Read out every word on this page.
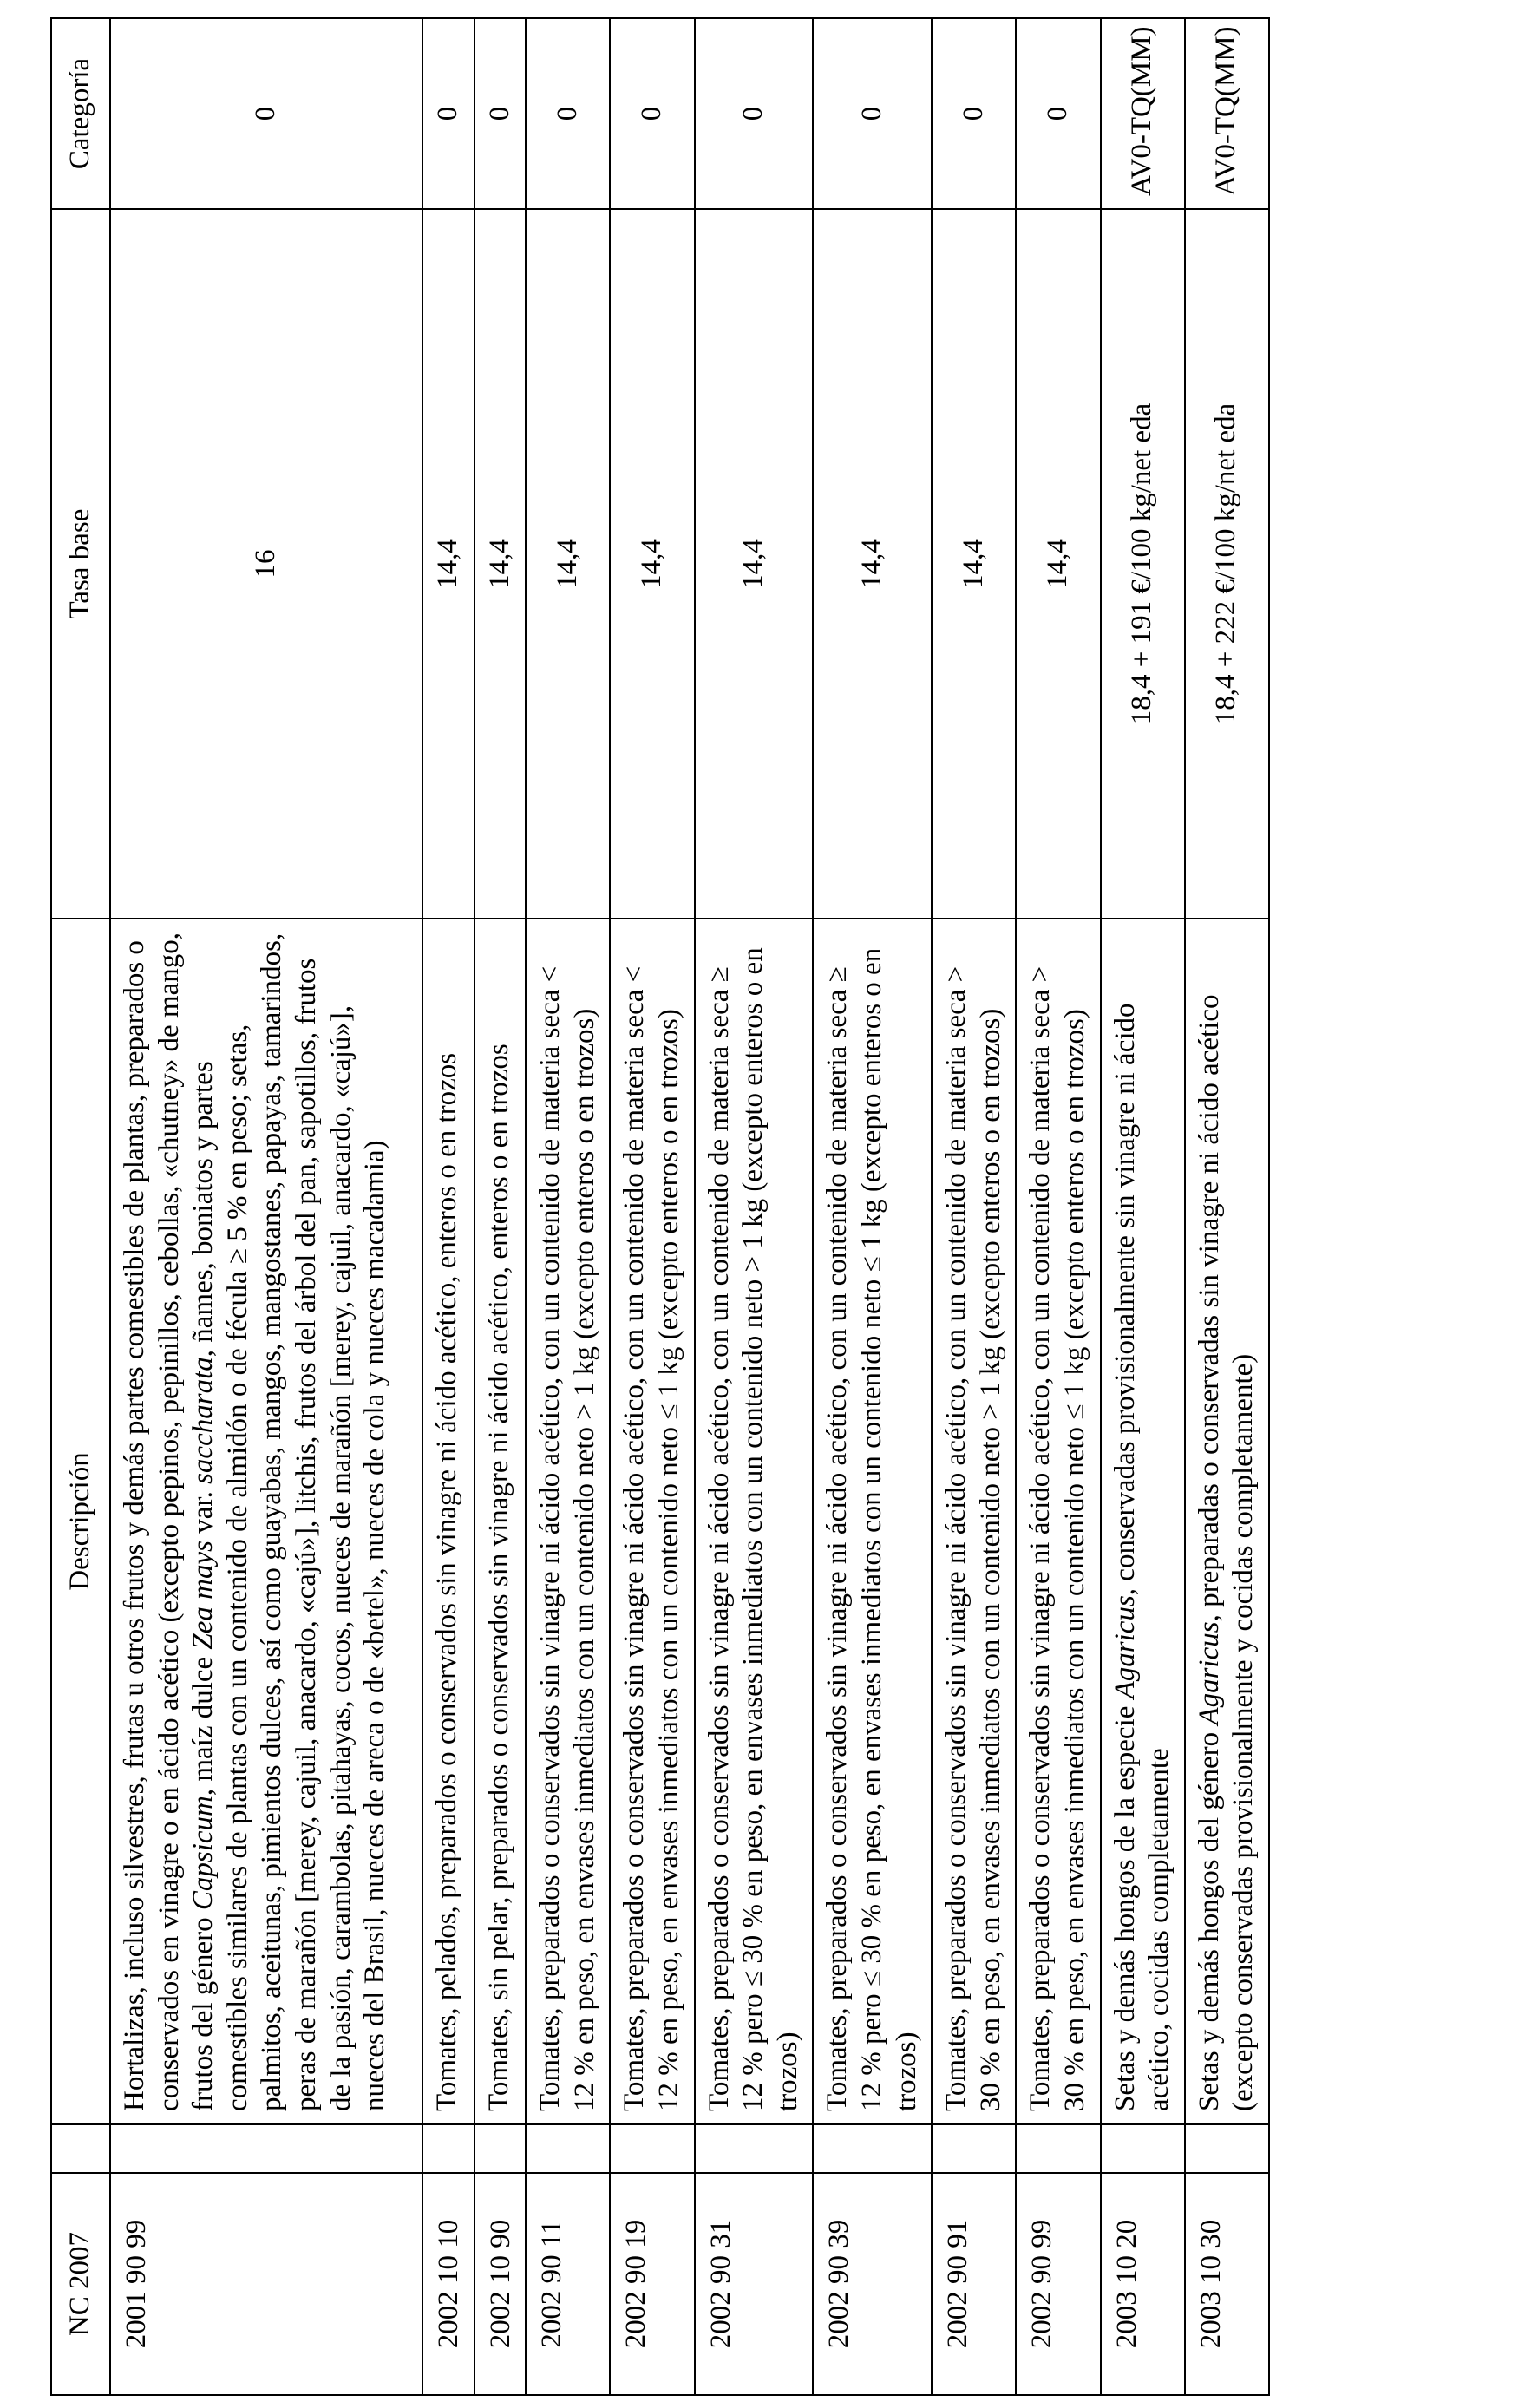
NC 2007		Descripción	Tasa base	Categoría
2001 90 99		Hortalizas, incluso silvestres, frutas u otros frutos y demás partes comestibles de plantas, preparados o conservados en vinagre o en ácido acético (excepto pepinos, pepinillos, cebollas, «chutney» de mango, frutos del género Capsicum, maíz dulce Zea mays var. saccharata, ñames, boniatos y partes comestibles similares de plantas con un contenido de almidón o de fécula ≥ 5 % en peso; setas, palmitos, aceitunas, pimientos dulces, así como guayabas, mangos, mangostanes, papayas, tamarindos, peras de marañón [merey, cajuil, anacardo, «cajú»], litchis, frutos del árbol del pan, sapotillos, frutos de la pasión, carambolas, pitahayas, cocos, nueces de marañón [merey, cajuil, anacardo, «cajú»], nueces del Brasil, nueces de areca o de «betel», nueces de cola y nueces macadamia)	16	0
2002 10 10		Tomates, pelados, preparados o conservados sin vinagre ni ácido acético, enteros o en trozos	14,4	0
2002 10 90		Tomates, sin pelar, preparados o conservados sin vinagre ni ácido acético, enteros o en trozos	14,4	0
2002 90 11		Tomates, preparados o conservados sin vinagre ni ácido acético, con un contenido de materia seca < 12 % en peso, en envases inmediatos con un contenido neto > 1 kg (excepto enteros o en trozos)	14,4	0
2002 90 19		Tomates, preparados o conservados sin vinagre ni ácido acético, con un contenido de materia seca < 12 % en peso, en envases inmediatos con un contenido neto ≤ 1 kg (excepto enteros o en trozos)	14,4	0
2002 90 31		Tomates, preparados o conservados sin vinagre ni ácido acético, con un contenido de materia seca ≥ 12 % pero ≤ 30 % en peso, en envases inmediatos con un contenido neto > 1 kg (excepto enteros o en trozos)	14,4	0
2002 90 39		Tomates, preparados o conservados sin vinagre ni ácido acético, con un contenido de materia seca ≥ 12 % pero ≤ 30 % en peso, en envases inmediatos con un contenido neto ≤ 1 kg (excepto enteros o en trozos)	14,4	0
2002 90 91		Tomates, preparados o conservados sin vinagre ni ácido acético, con un contenido de materia seca > 30 % en peso, en envases inmediatos con un contenido neto > 1 kg (excepto enteros o en trozos)	14,4	0
2002 90 99		Tomates, preparados o conservados sin vinagre ni ácido acético, con un contenido de materia seca > 30 % en peso, en envases inmediatos con un contenido neto ≤ 1 kg (excepto enteros o en trozos)	14,4	0
2003 10 20		Setas y demás hongos de la especie Agaricus, conservadas provisionalmente sin vinagre ni ácido acético, cocidas completamente	18,4 + 191 €/100 kg/net eda	AV0-TQ(MM)
2003 10 30		Setas y demás hongos del género Agaricus, preparadas o conservadas sin vinagre ni ácido acético (excepto conservadas provisionalmente y cocidas completamente)	18,4 + 222 €/100 kg/net eda	AV0-TQ(MM)
